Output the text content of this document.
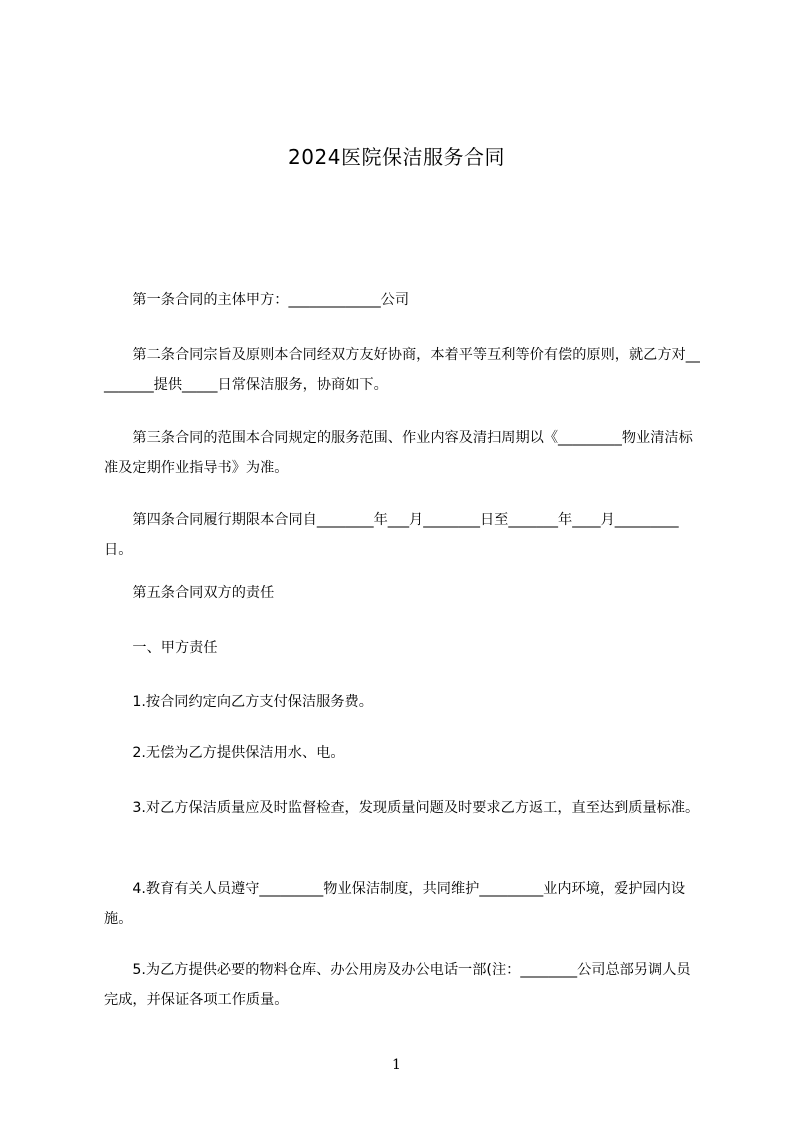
2024医院保洁服务合同
　　第一条合同的主体甲方：_____________公司
　　第二条合同宗旨及原则本合同经双方友好协商，本着平等互利等价有偿的原则，就乙方对_________提供_____日常保洁服务，协商如下。
　　第三条合同的范围本合同规定的服务范围、作业内容及清扫周期以《_________物业清洁标准及定期作业指导书》为准。
　　第四条合同履行期限本合同自________年___月________日至_______年____月_________日。
　　第五条合同双方的责任
　　一、甲方责任
　　1.按合同约定向乙方支付保洁服务费。
　　2.无偿为乙方提供保洁用水、电。
　　3.对乙方保洁质量应及时监督检查，发现质量问题及时要求乙方返工，直至达到质量标准。
　　4.教育有关人员遵守_________物业保洁制度，共同维护_________业内环境，爱护园内设施。
　　5.为乙方提供必要的物料仓库、办公用房及办公电话一部(注：________公司总部另调人员完成，并保证各项工作质量。
1
